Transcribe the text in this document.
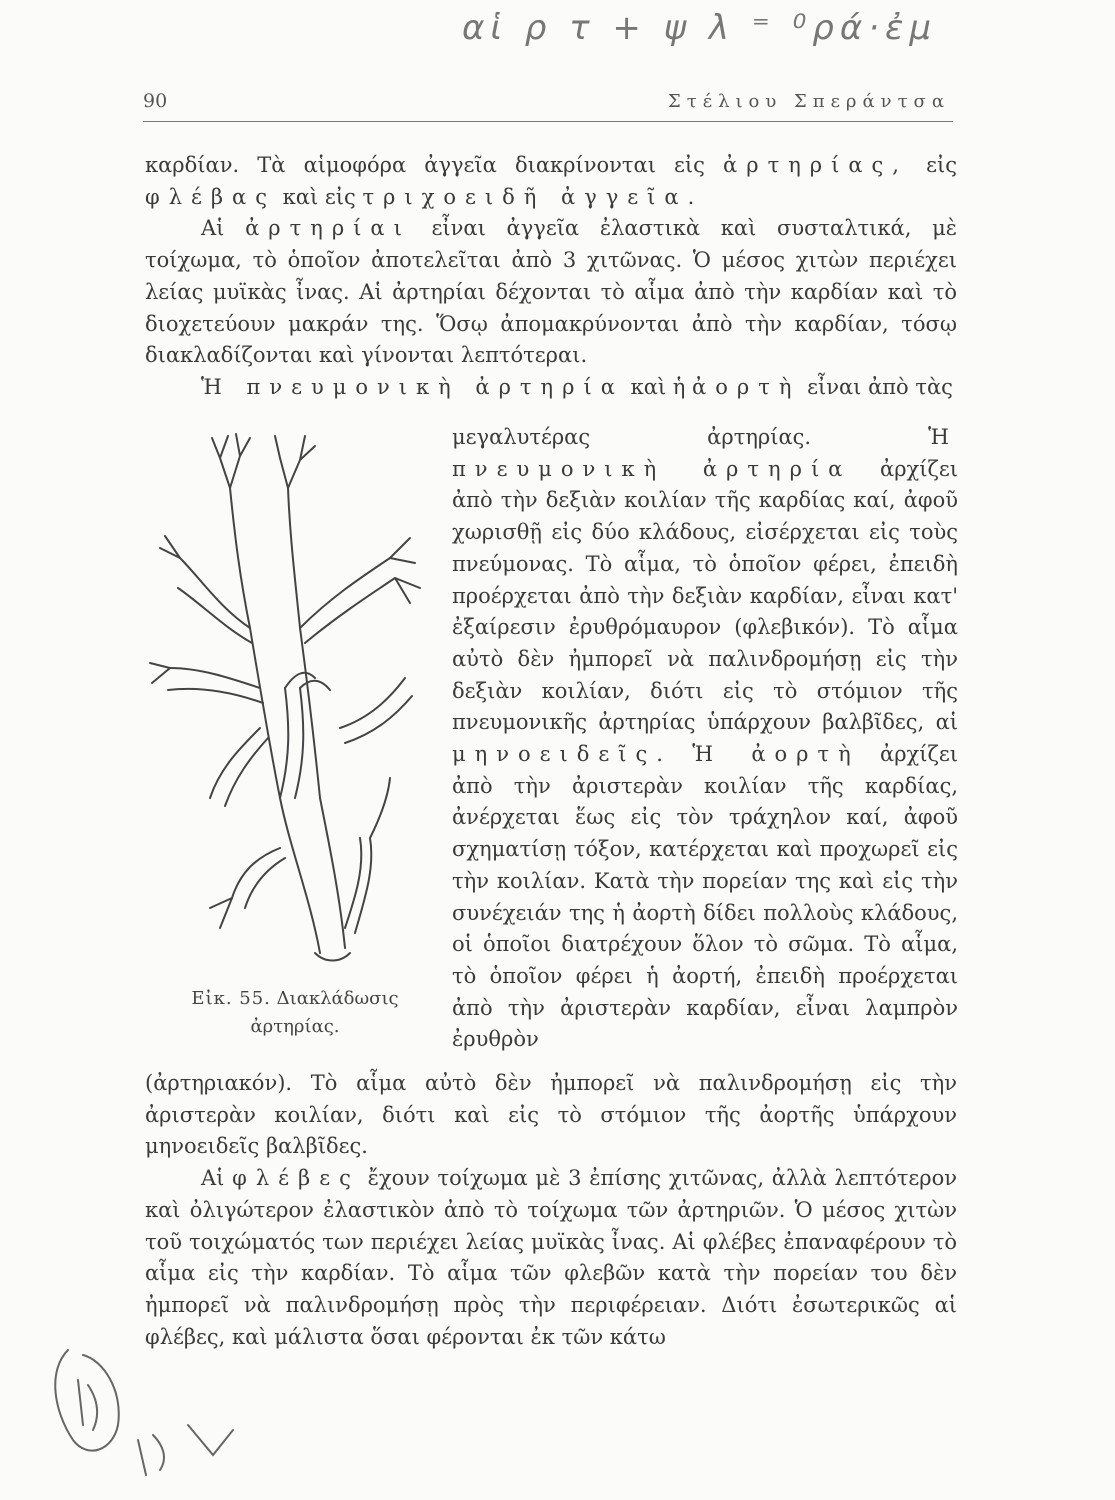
αἱ ρ τ + ψ λ ⁼ ⁰ρά·ἐμ
90	Στέλιου Σπεράντσα

καρδίαν. Τὰ αἱμοφόρα ἀγγεῖα διακρίνονται εἰς ἀρτηρίας, εἰς φλέβας καὶ εἰς τριχοειδῆ ἀγγεῖα.

Αἱ ἀρτηρίαι εἶναι ἀγγεῖα ἐλαστικὰ καὶ συσταλτικά, μὲ τοίχωμα, τὸ ὁποῖον ἀποτελεῖται ἀπὸ 3 χιτῶνας. Ὁ μέσος χιτὼν περιέχει λείας μυϊκὰς ἶνας. Αἱ ἀρτηρίαι δέχονται τὸ αἷμα ἀπὸ τὴν καρδίαν καὶ τὸ διοχετεύουν μακράν της. Ὅσῳ ἀπομακρύνονται ἀπὸ τὴν καρδίαν, τόσῳ διακλαδίζονται καὶ γίνονται λεπτότεραι.

Ἡ πνευμονικὴ ἀρτηρία καὶ ἡ ἀορτὴ εἶναι ἀπὸ τὰς

μεγαλυτέρας ἀρτηρίας. Ἡ πνευμονικὴ ἀρτηρία ἀρχίζει ἀπὸ τὴν δεξιὰν κοιλίαν τῆς καρδίας καί, ἀφοῦ χωρισθῇ εἰς δύο κλάδους, εἰσέρχεται εἰς τοὺς πνεύμονας. Τὸ αἷμα, τὸ ὁποῖον φέρει, ἐπειδὴ προέρχεται ἀπὸ τὴν δεξιὰν καρδίαν, εἶναι κατ' ἐξαίρεσιν ἐρυθρόμαυρον (φλεβικόν). Τὸ αἷμα αὐτὸ δὲν ἠμπορεῖ νὰ παλινδρομήσῃ εἰς τὴν δεξιὰν κοιλίαν, διότι εἰς τὸ στόμιον τῆς πνευμονικῆς ἀρτηρίας ὑπάρχουν βαλβῖδες, αἱ μηνοειδεῖς. Ἡ ἀορτὴ ἀρχίζει ἀπὸ τὴν ἀριστερὰν κοιλίαν τῆς καρδίας, ἀνέρχεται ἕως εἰς τὸν τράχηλον καί, ἀφοῦ σχηματίσῃ τόξον, κατέρχεται καὶ προχωρεῖ εἰς τὴν κοιλίαν. Κατὰ τὴν πορείαν της καὶ εἰς τὴν συνέχειάν της ἡ ἀορτὴ δίδει πολλοὺς κλάδους, οἱ ὁποῖοι διατρέχουν ὅλον τὸ σῶμα. Τὸ αἷμα, τὸ ὁποῖον φέρει ἡ ἀορτή, ἐπειδὴ προέρχεται ἀπὸ τὴν ἀριστερὰν καρδίαν, εἶναι λαμπρὸν ἐρυθρὸν
Εἰκ. 55. Διακλάδωσις ἀρτηρίας.

(ἀρτηριακόν). Τὸ αἷμα αὐτὸ δὲν ἠμπορεῖ νὰ παλινδρομήσῃ εἰς τὴν ἀριστερὰν κοιλίαν, διότι καὶ εἰς τὸ στόμιον τῆς ἀορτῆς ὑπάρχουν μηνοειδεῖς βαλβῖδες.

Αἱ φλέβες ἔχουν τοίχωμα μὲ 3 ἐπίσης χιτῶνας, ἀλλὰ λεπτότερον καὶ ὀλιγώτερον ἐλαστικὸν ἀπὸ τὸ τοίχωμα τῶν ἀρτηριῶν. Ὁ μέσος χιτὼν τοῦ τοιχώματός των περιέχει λείας μυϊκὰς ἶνας. Αἱ φλέβες ἐπαναφέρουν τὸ αἷμα εἰς τὴν καρδίαν. Τὸ αἷμα τῶν φλεβῶν κατὰ τὴν πορείαν του δὲν ἠμπορεῖ νὰ παλινδρομήσῃ πρὸς τὴν περιφέρειαν. Διότι ἐσωτερικῶς αἱ φλέβες, καὶ μάλιστα ὅσαι φέρονται ἐκ τῶν κάτω
